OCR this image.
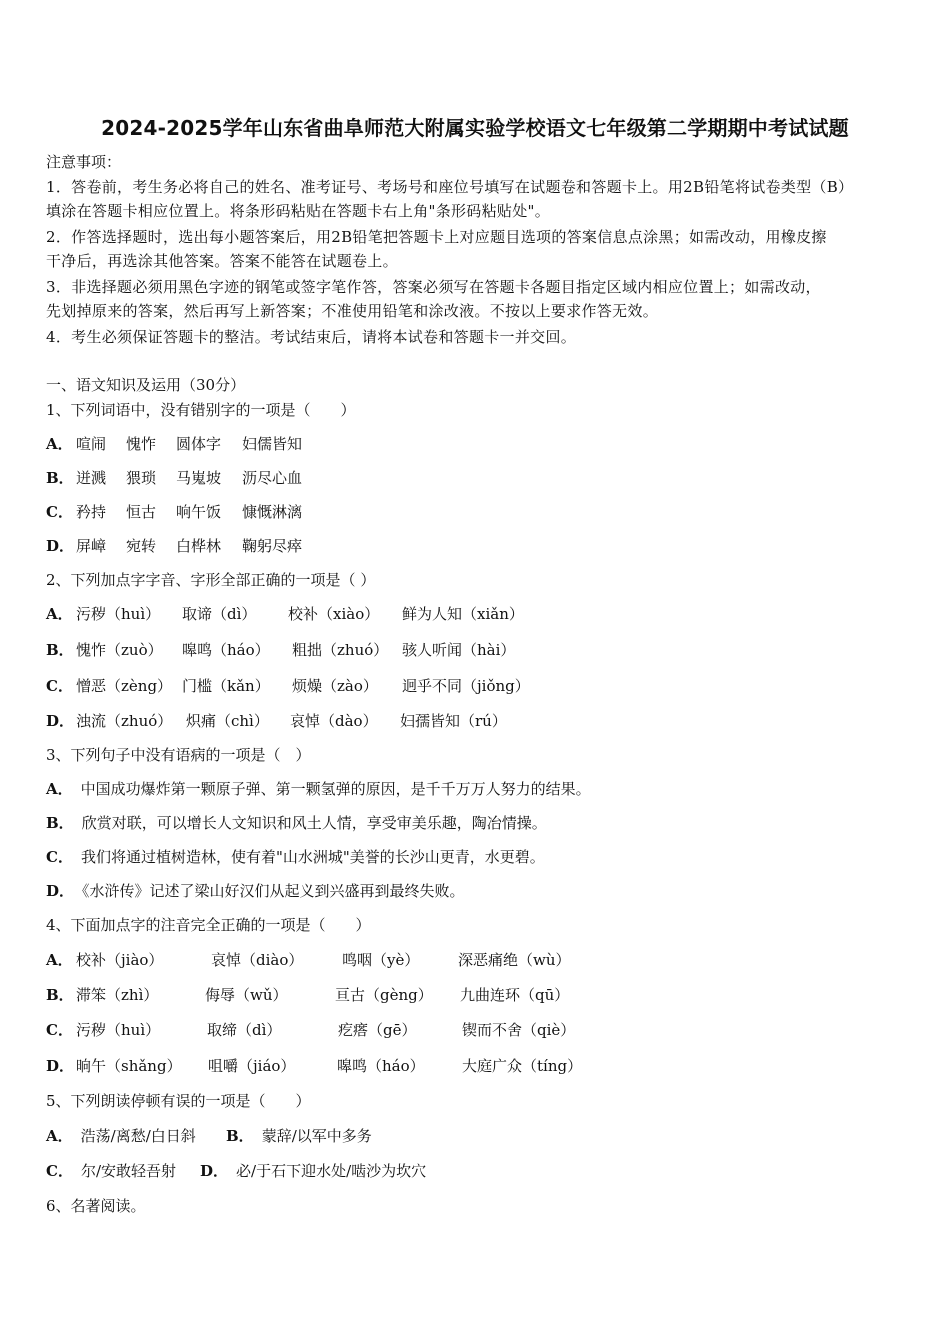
2024-2025学年山东省曲阜师范大附属实验学校语文七年级第二学期期中考试试题
注意事项：
1．答卷前，考生务必将自己的姓名、准考证号、考场号和座位号填写在试题卷和答题卡上。用2B铅笔将试卷类型（B）
填涂在答题卡相应位置上。将条形码粘贴在答题卡右上角"条形码粘贴处"。
2．作答选择题时，选出每小题答案后，用2B铅笔把答题卡上对应题目选项的答案信息点涂黑；如需改动，用橡皮擦
干净后，再选涂其他答案。答案不能答在试题卷上。
3．非选择题必须用黑色字迹的钢笔或签字笔作答，答案必须写在答题卡各题目指定区域内相应位置上；如需改动，
先划掉原来的答案，然后再写上新答案；不准使用铅笔和涂改液。不按以上要求作答无效。
4．考生必须保证答题卡的整洁。考试结束后，请将本试卷和答题卡一并交回。
一、语文知识及运用（30分）
1、下列词语中，没有错别字的一项是（　　）
A． 喧闹 愧怍 圆体字 妇儒皆知
B． 迸溅 猥琐 马嵬坡 沥尽心血
C． 矜持 恒古 响午饭 慷慨淋漓
D． 屏嶂 宛转 白桦林 鞠躬尽瘁
2、下列加点字字音、字形全部正确的一项是（ ）
A． 污秽（huì） 取谛（dì） 校补（xiào） 鲜为人知（xiǎn）
B． 愧怍（zuò） 嗥鸣（háo） 粗拙（zhuó） 骇人听闻（hài）
C． 憎恶（zèng） 门槛（kǎn） 烦燥（zào） 迥乎不同（jiǒng）
D． 浊流（zhuó） 炽痛（chì） 哀悼（dào） 妇孺皆知（rú）
3、下列句子中没有语病的一项是（　）
A． 中国成功爆炸第一颗原子弹、第一颗氢弹的原因，是千千万万人努力的结果。
B． 欣赏对联，可以增长人文知识和风土人情，享受审美乐趣，陶冶情操。
C． 我们将通过植树造林，使有着"山水洲城"美誉的长沙山更青，水更碧。
D． 《水浒传》记述了梁山好汉们从起义到兴盛再到最终失败。
4、下面加点字的注音完全正确的一项是（　　）
A． 校补（jiào）	哀悼（diào）	鸣咽（yè）	深恶痛绝（wù）
B． 滞笨（zhì）	侮辱（wǔ）	亘古（gèng） 九曲连环（qū）
C． 污秽（huì）	取缔（dì）	疙瘩（gē）	锲而不舍（qiè）
D． 晌午（shǎng） 咀嚼（jiáo）	嗥鸣（háo） 大庭广众（tíng）
5、下列朗读停顿有误的一项是（　　）
A． 浩荡/离愁/白日斜 B． 蒙辞/以军中多务
C． 尔/安敢轻吾射 D． 必/于石下迎水处/啮沙为坎穴
6、名著阅读。
